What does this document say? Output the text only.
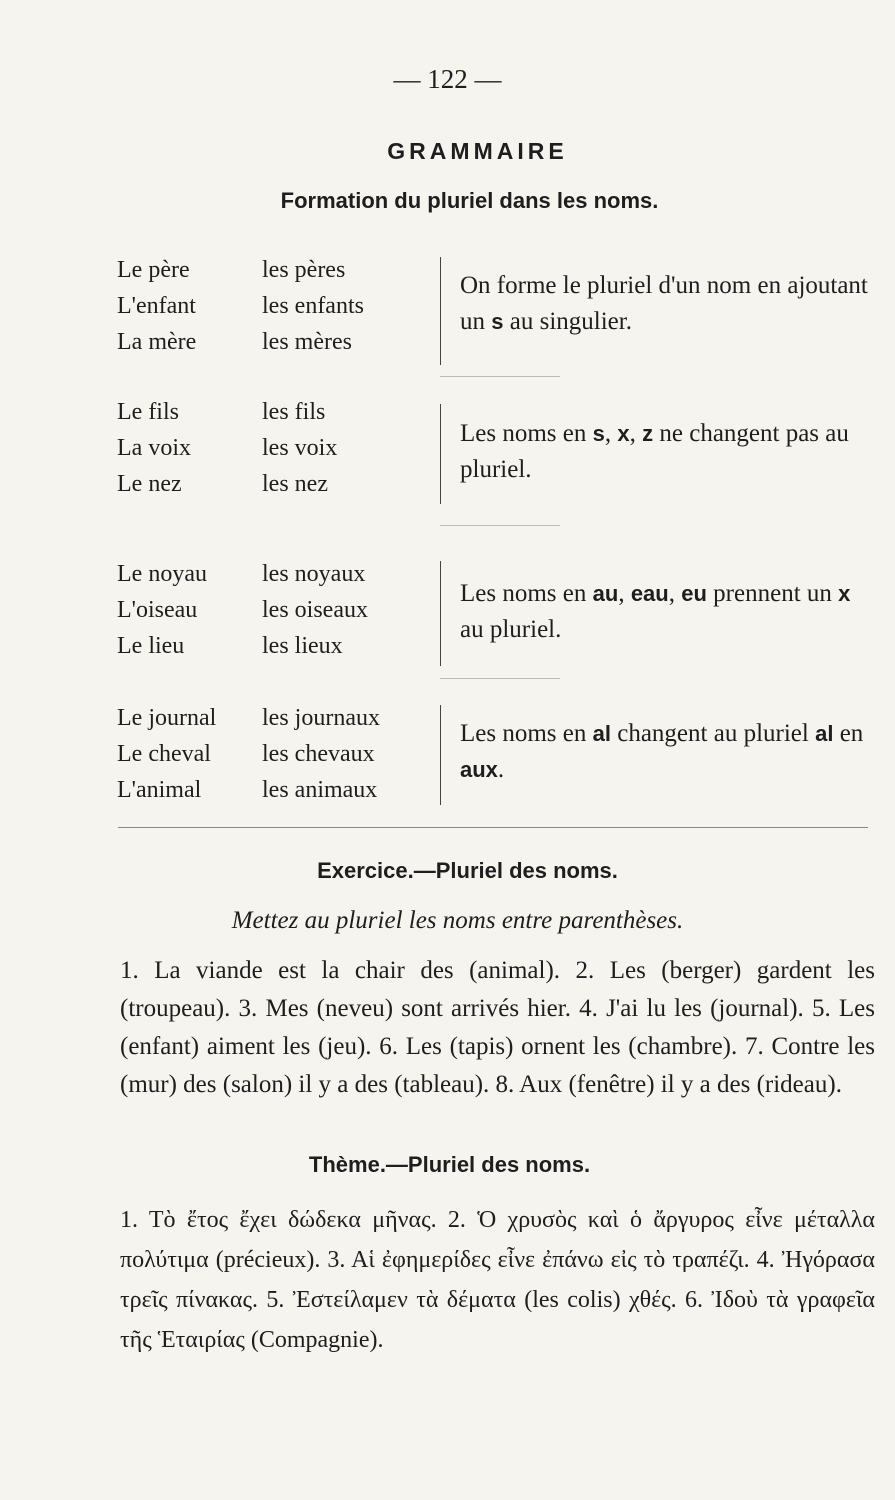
— 122 —
GRAMMAIRE
Formation du pluriel dans les noms.
Le père
L'enfant
La mère
les pères
les enfants
les mères
On forme le pluriel d'un nom en ajoutant un s au singulier.
Le fils
La voix
Le nez
les fils
les voix
les nez
Les noms en s, x, z ne changent pas au pluriel.
Le noyau
L'oiseau
Le lieu
les noyaux
les oiseaux
les lieux
Les noms en au, eau, eu prennent un x au pluriel.
Le journal
Le cheval
L'animal
les journaux
les chevaux
les animaux
Les noms en al changent au pluriel al en aux.
Exercice.—Pluriel des noms.
Mettez au pluriel les noms entre parenthèses.
1. La viande est la chair des (animal). 2. Les (berger) gardent les (troupeau). 3. Mes (neveu) sont arrivés hier. 4. J'ai lu les (journal). 5. Les (enfant) aiment les (jeu). 6. Les (tapis) ornent les (chambre). 7. Contre les (mur) des (salon) il y a des (tableau). 8. Aux (fenêtre) il y a des (rideau).
Thème.—Pluriel des noms.
1. Τὸ ἔτος ἔχει δώδεκα μῆνας. 2. Ὁ χρυσὸς καὶ ὁ ἄργυρος εἶνε μέταλλα πολύτιμα (précieux). 3. Αἱ ἐφημερίδες εἶνε ἐπάνω εἰς τὸ τραπέζι. 4. Ἠγόρασα τρεῖς πίνακας. 5. Ἐστείλαμεν τὰ δέματα (les colis) χθές. 6. Ἰδοὺ τὰ γραφεῖα τῆς Ἑταιρίας (Compagnie).
